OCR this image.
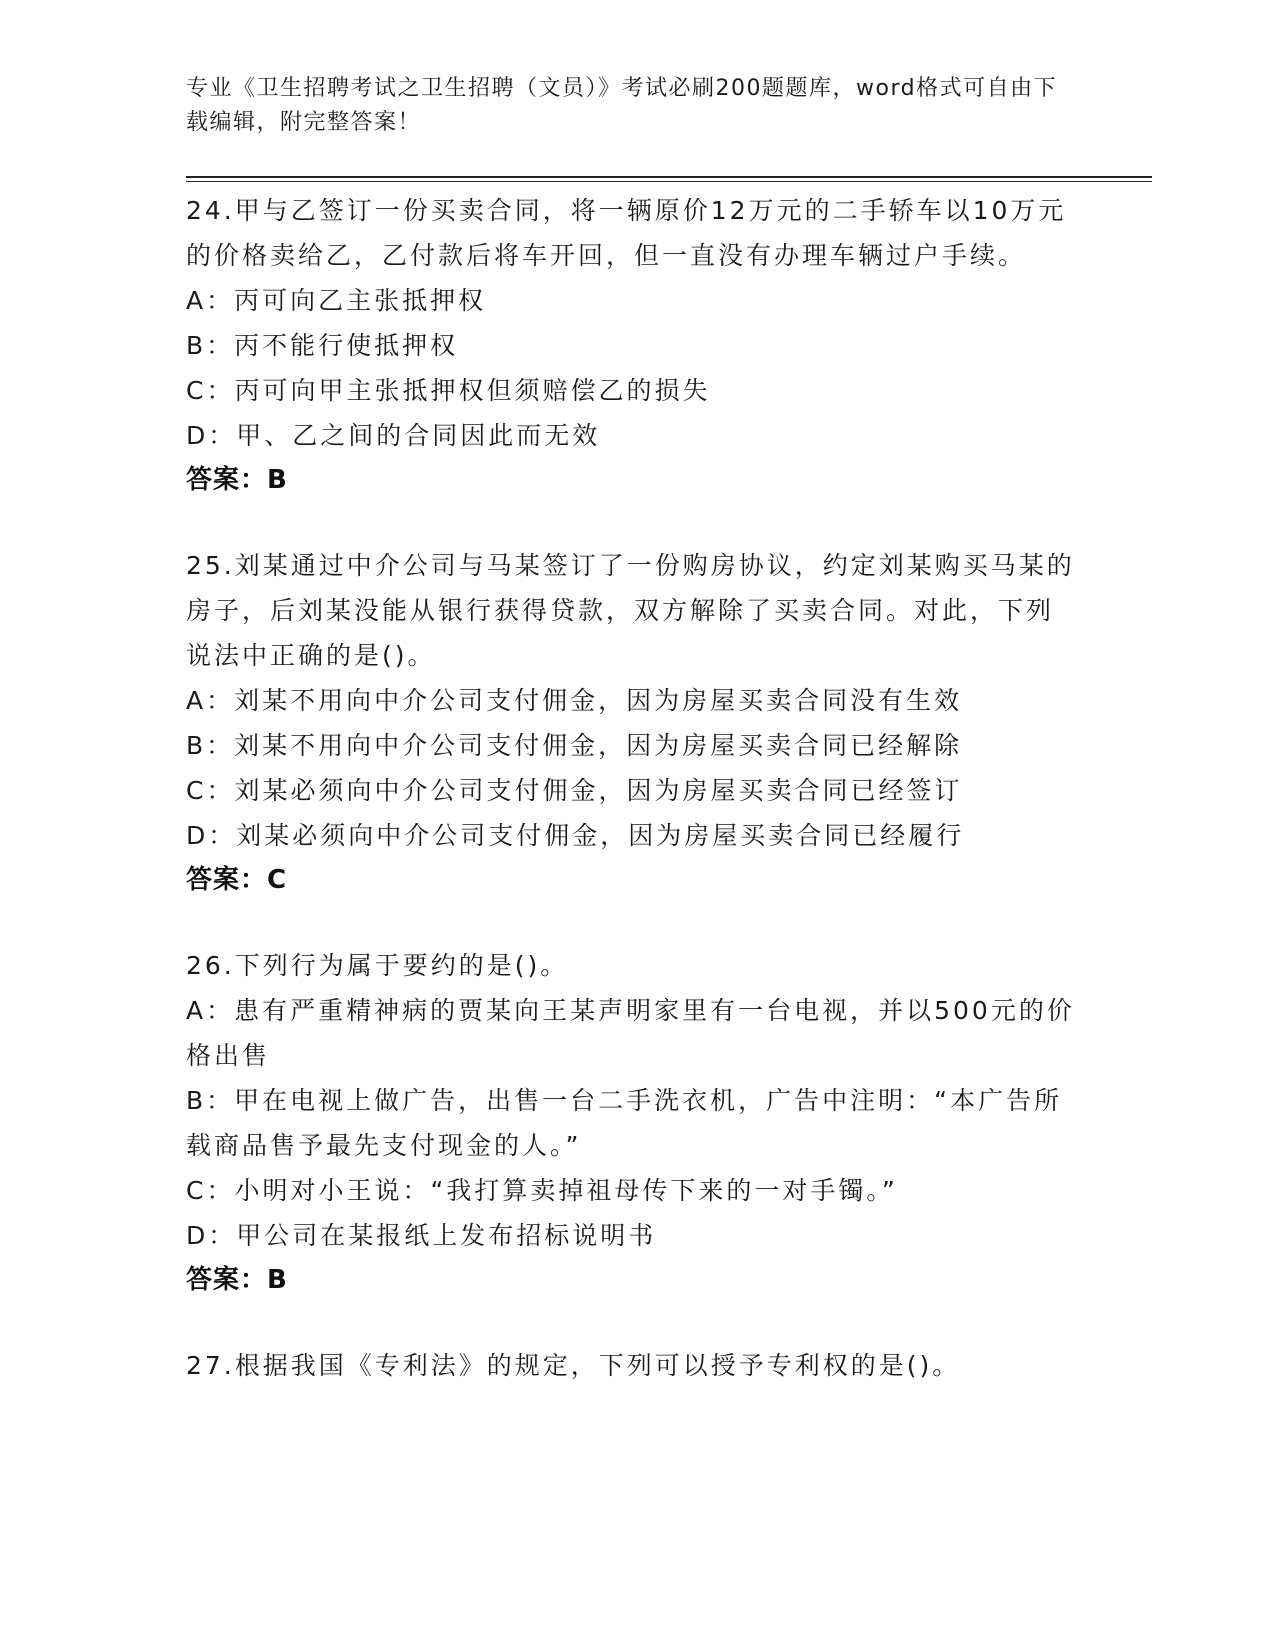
专业《卫生招聘考试之卫生招聘（文员）》考试必刷200题题库，word格式可自由下载编辑，附完整答案！
24.甲与乙签订一份买卖合同，将一辆原价12万元的二手轿车以10万元的价格卖给乙，乙付款后将车开回，但一直没有办理车辆过户手续。
A：丙可向乙主张抵押权
B：丙不能行使抵押权
C：丙可向甲主张抵押权但须赔偿乙的损失
D：甲、乙之间的合同因此而无效
答案：B
25.刘某通过中介公司与马某签订了一份购房协议，约定刘某购买马某的房子，后刘某没能从银行获得贷款，双方解除了买卖合同。对此，下列说法中正确的是()。
A：刘某不用向中介公司支付佣金，因为房屋买卖合同没有生效
B：刘某不用向中介公司支付佣金，因为房屋买卖合同已经解除
C：刘某必须向中介公司支付佣金，因为房屋买卖合同已经签订
D：刘某必须向中介公司支付佣金，因为房屋买卖合同已经履行
答案：C
26.下列行为属于要约的是()。
A：患有严重精神病的贾某向王某声明家里有一台电视，并以500元的价格出售
B：甲在电视上做广告，出售一台二手洗衣机，广告中注明：“本广告所载商品售予最先支付现金的人。”
C：小明对小王说：“我打算卖掉祖母传下来的一对手镯。”
D：甲公司在某报纸上发布招标说明书
答案：B
27.根据我国《专利法》的规定，下列可以授予专利权的是()。
